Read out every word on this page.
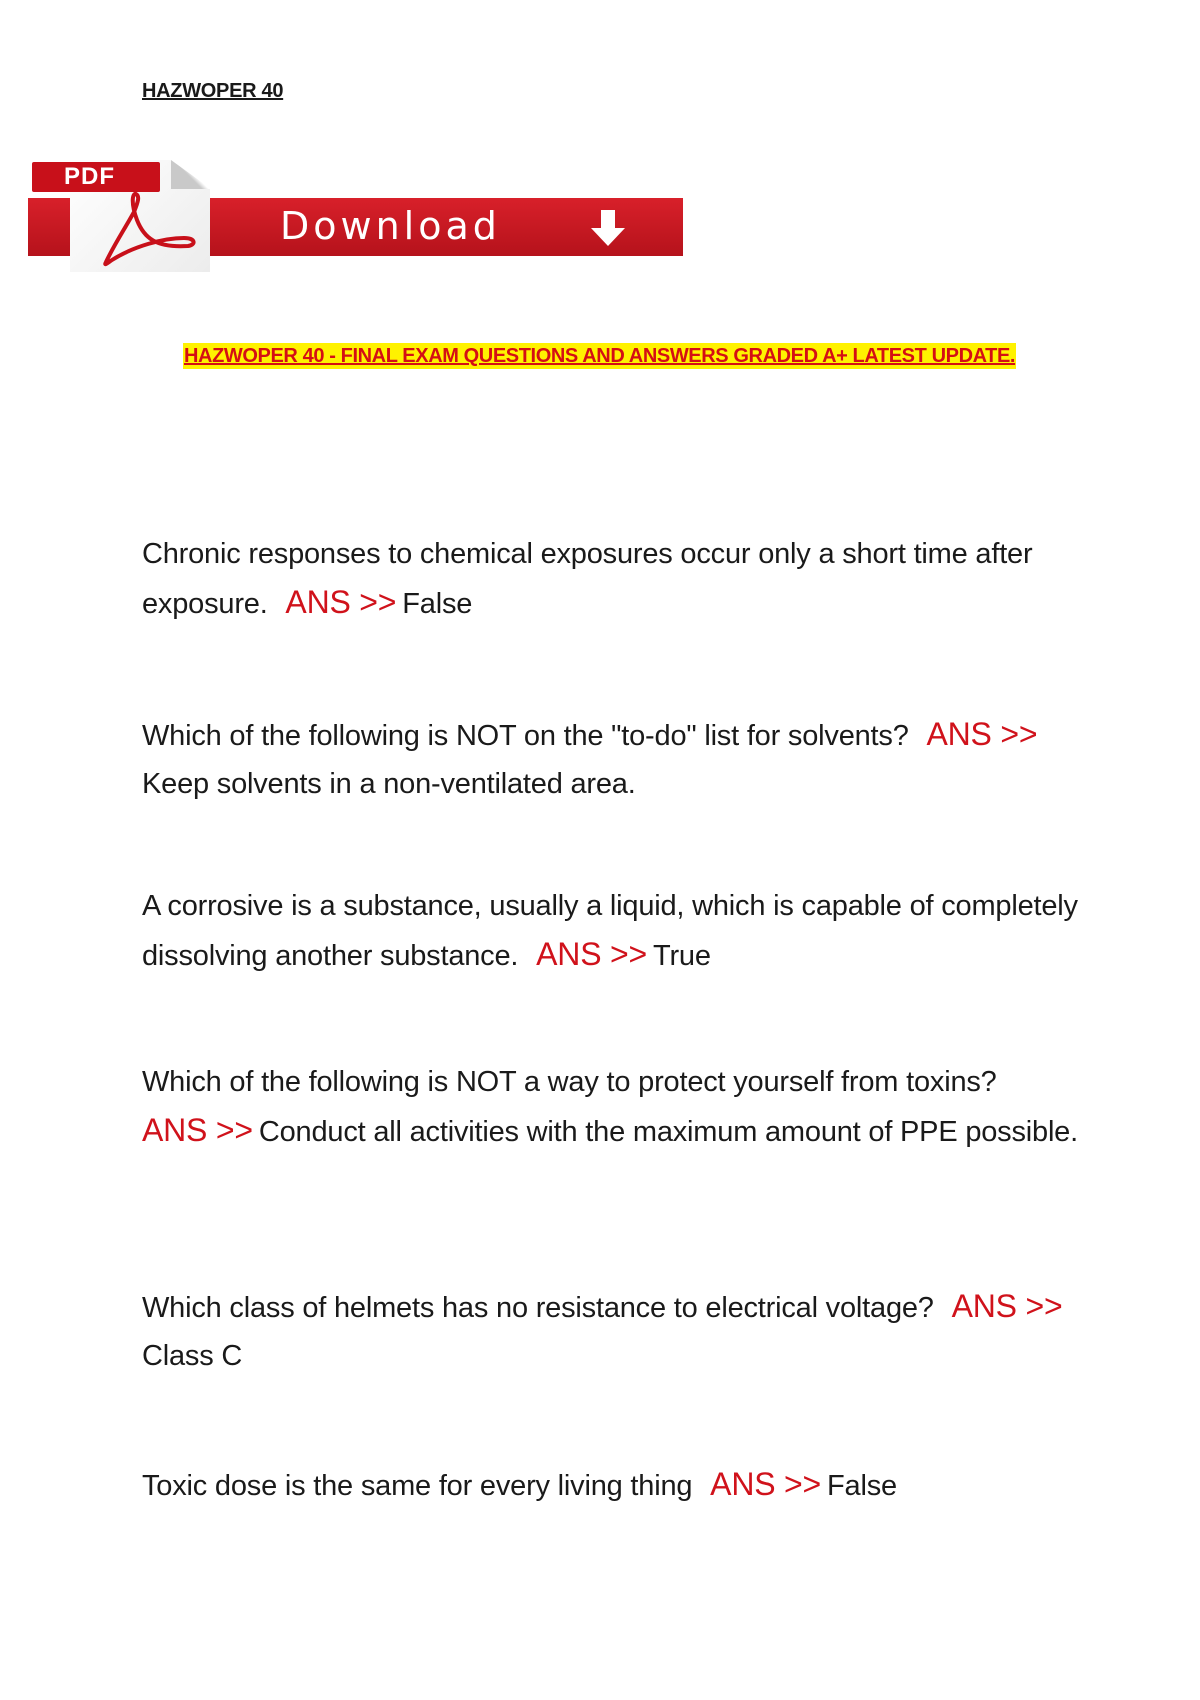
HAZWOPER 40
PDF
Download
HAZWOPER 40 - FINAL EXAM QUESTIONS AND ANSWERS GRADED A+ LATEST UPDATE.
Chronic responses to chemical exposures occur only a short time after exposure. ANS >> False
Which of the following is NOT on the "to-do" list for solvents? ANS >>
Keep solvents in a non-ventilated area.
A corrosive is a substance, usually a liquid, which is capable of completely dissolving another substance. ANS >> True
Which of the following is NOT a way to protect yourself from toxins?
ANS >> Conduct all activities with the maximum amount of PPE possible.
Which class of helmets has no resistance to electrical voltage? ANS >>
Class C
Toxic dose is the same for every living thing ANS >> False
